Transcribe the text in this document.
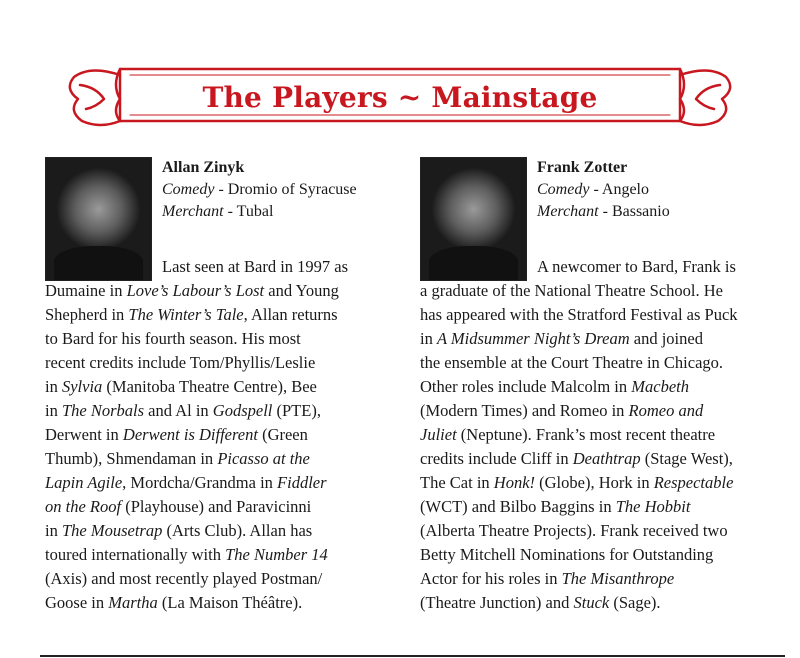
The Players ~ Mainstage
Allan Zinyk
Comedy - Dromio of Syracuse
Merchant - Tubal
Last seen at Bard in 1997 as
Dumaine in Love’s Labour’s Lost and Young
Shepherd in The Winter’s Tale, Allan returns
to Bard for his fourth season. His most
recent credits include Tom/Phyllis/Leslie
in Sylvia (Manitoba Theatre Centre), Bee
in The Norbals and Al in Godspell (PTE),
Derwent in Derwent is Different (Green
Thumb), Shmendaman in Picasso at the
Lapin Agile, Mordcha/Grandma in Fiddler
on the Roof (Playhouse) and Paravicinni
in The Mousetrap (Arts Club). Allan has
toured internationally with The Number 14
(Axis) and most recently played Postman/
Goose in Martha (La Maison Théâtre).
Frank Zotter
Comedy - Angelo
Merchant - Bassanio
A newcomer to Bard, Frank is
a graduate of the National Theatre School. He
has appeared with the Stratford Festival as Puck
in A Midsummer Night’s Dream and joined
the ensemble at the Court Theatre in Chicago.
Other roles include Malcolm in Macbeth
(Modern Times) and Romeo in Romeo and
Juliet (Neptune). Frank’s most recent theatre
credits include Cliff in Deathtrap (Stage West),
The Cat in Honk! (Globe), Hork in Respectable
(WCT) and Bilbo Baggins in The Hobbit
(Alberta Theatre Projects). Frank received two
Betty Mitchell Nominations for Outstanding
Actor for his roles in The Misanthrope
(Theatre Junction) and Stuck (Sage).
